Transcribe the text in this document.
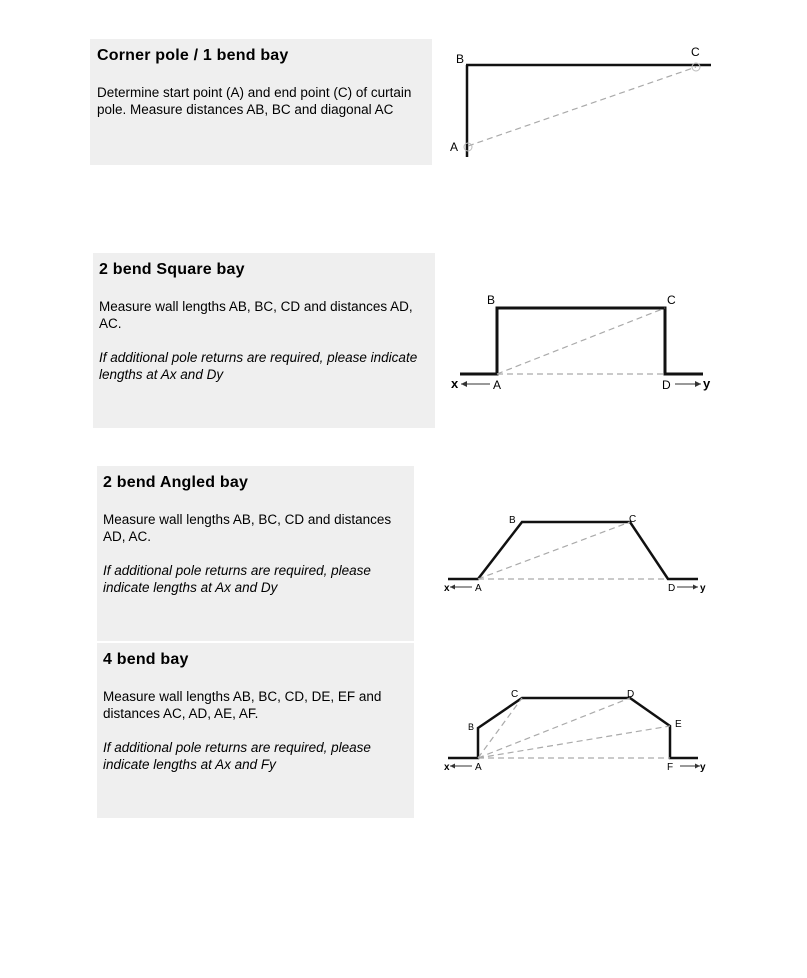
Corner pole / 1 bend bay

Determine start point (A) and end point (C) of curtain pole. Measure distances AB, BC and diagonal AC

A
B	C
2 bend Square bay

Measure wall lengths AB, BC, CD and distances AD, AC.

If additional pole returns are required, please indicate lengths at Ax and Dy

A
B	C
D
x	y
2 bend Angled bay

Measure wall lengths AB, BC, CD and distances AD, AC.

If additional pole returns are required, please indicate lengths at Ax and Dy	A
B	C
D
x	y
4 bend bay

Measure wall lengths AB, BC, CD, DE, EF and distances AC, AD, AE, AF.

If additional pole returns are required, please indicate lengths at Ax and Fy	A
B
C	D
E
F
x	y
